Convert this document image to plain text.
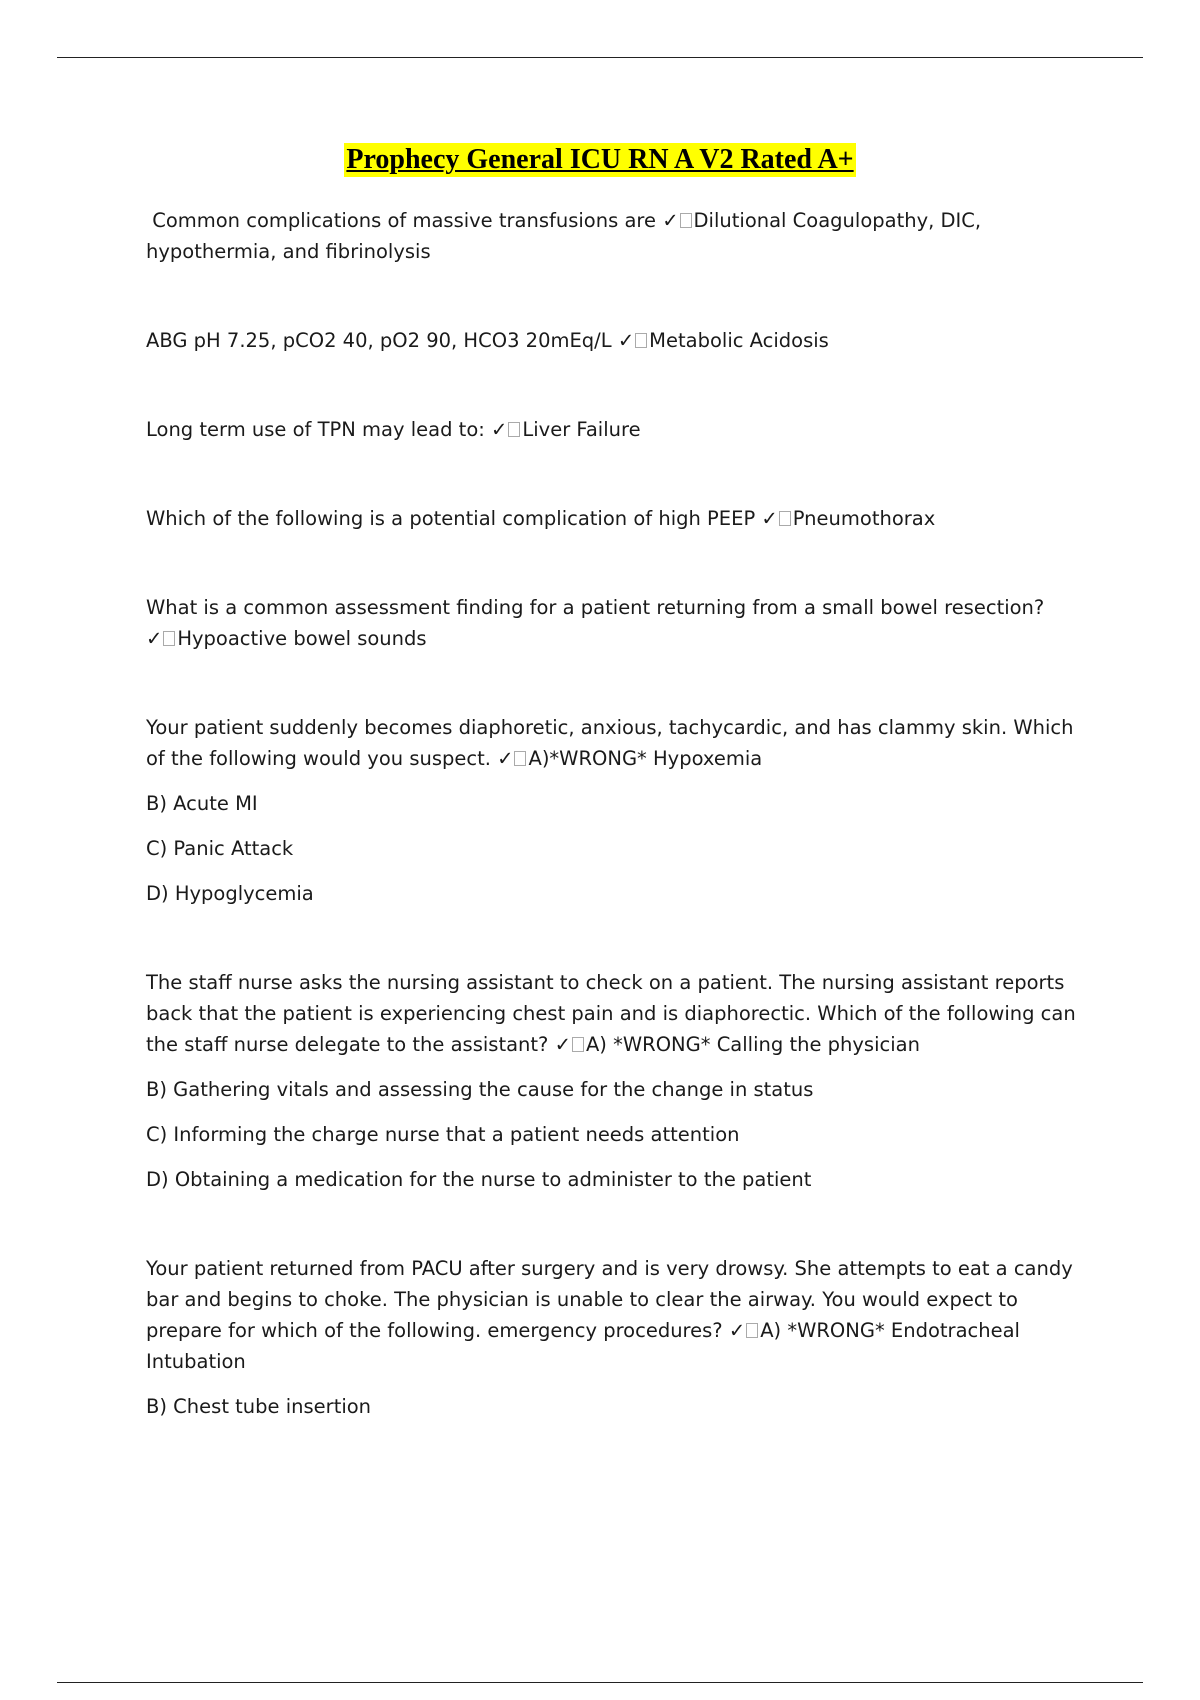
Prophecy General ICU RN A V2 Rated A+

Common complications of massive transfusions are ✓ Dilutional Coagulopathy, DIC, hypothermia, and fibrinolysis

ABG pH 7.25, pCO2 40, pO2 90, HCO3 20mEq/L ✓ Metabolic Acidosis

Long term use of TPN may lead to: ✓ Liver Failure

Which of the following is a potential complication of high PEEP ✓ Pneumothorax

What is a common assessment finding for a patient returning from a small bowel resection?
✓ Hypoactive bowel sounds

Your patient suddenly becomes diaphoretic, anxious, tachycardic, and has clammy skin. Which of the following would you suspect. ✓ A)*WRONG* Hypoxemia

B) Acute MI

C) Panic Attack

D) Hypoglycemia

The staff nurse asks the nursing assistant to check on a patient. The nursing assistant reports back that the patient is experiencing chest pain and is diaphorectic. Which of the following can the staff nurse delegate to the assistant? ✓ A) *WRONG* Calling the physician

B) Gathering vitals and assessing the cause for the change in status

C) Informing the charge nurse that a patient needs attention

D) Obtaining a medication for the nurse to administer to the patient

Your patient returned from PACU after surgery and is very drowsy. She attempts to eat a candy bar and begins to choke. The physician is unable to clear the airway. You would expect to prepare for which of the following. emergency procedures? ✓ A) *WRONG* Endotracheal Intubation

B) Chest tube insertion
